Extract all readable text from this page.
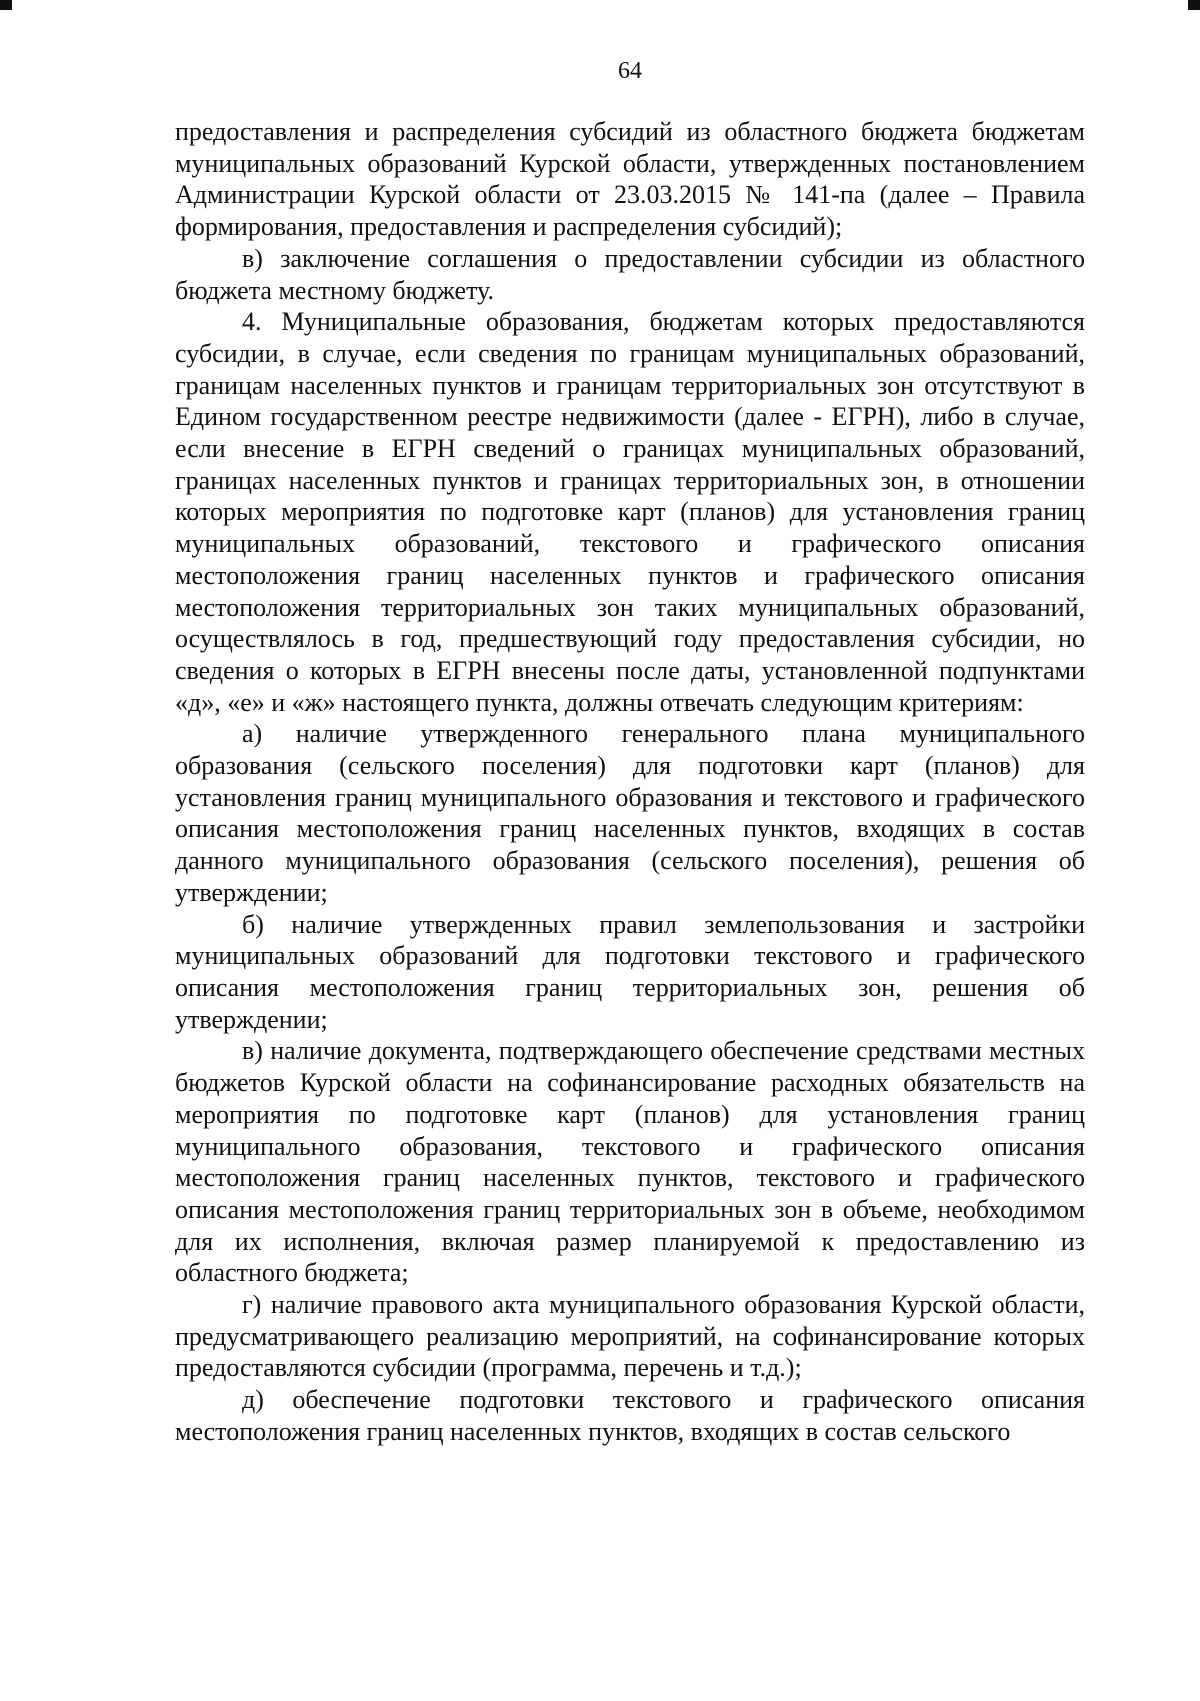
64

предоставления и распределения субсидий из областного бюджета бюджетам муниципальных образований Курской области, утвержденных постановлением Администрации Курской области от 23.03.2015 № 141-па (далее – Правила формирования, предоставления и распределения субсидий);

в) заключение соглашения о предоставлении субсидии из областного бюджета местному бюджету.

4. Муниципальные образования, бюджетам которых предоставляются субсидии, в случае, если сведения по границам муниципальных образований, границам населенных пунктов и границам территориальных зон отсутствуют в Едином государственном реестре недвижимости (далее - ЕГРН), либо в случае, если внесение в ЕГРН сведений о границах муниципальных образований, границах населенных пунктов и границах территориальных зон, в отношении которых мероприятия по подготовке карт (планов) для установления границ муниципальных образований, текстового и графического описания местоположения границ населенных пунктов и графического описания местоположения территориальных зон таких муниципальных образований, осуществлялось в год, предшествующий году предоставления субсидии, но сведения о которых в ЕГРН внесены после даты, установленной подпунктами «д», «е» и «ж» настоящего пункта, должны отвечать следующим критериям:

а) наличие утвержденного генерального плана муниципального образования (сельского поселения) для подготовки карт (планов) для установления границ муниципального образования и текстового и графического описания местоположения границ населенных пунктов, входящих в состав данного муниципального образования (сельского поселения), решения об утверждении;

б) наличие утвержденных правил землепользования и застройки муниципальных образований для подготовки текстового и графического описания местоположения границ территориальных зон, решения об утверждении;

в) наличие документа, подтверждающего обеспечение средствами местных бюджетов Курской области на софинансирование расходных обязательств на мероприятия по подготовке карт (планов) для установления границ муниципального образования, текстового и графического описания местоположения границ населенных пунктов, текстового и графического описания местоположения границ территориальных зон в объеме, необходимом для их исполнения, включая размер планируемой к предоставлению из областного бюджета;

г) наличие правового акта муниципального образования Курской области, предусматривающего реализацию мероприятий, на софинансирование которых предоставляются субсидии (программа, перечень и т.д.);

д) обеспечение подготовки текстового и графического описания местоположения границ населенных пунктов, входящих в состав сельского
